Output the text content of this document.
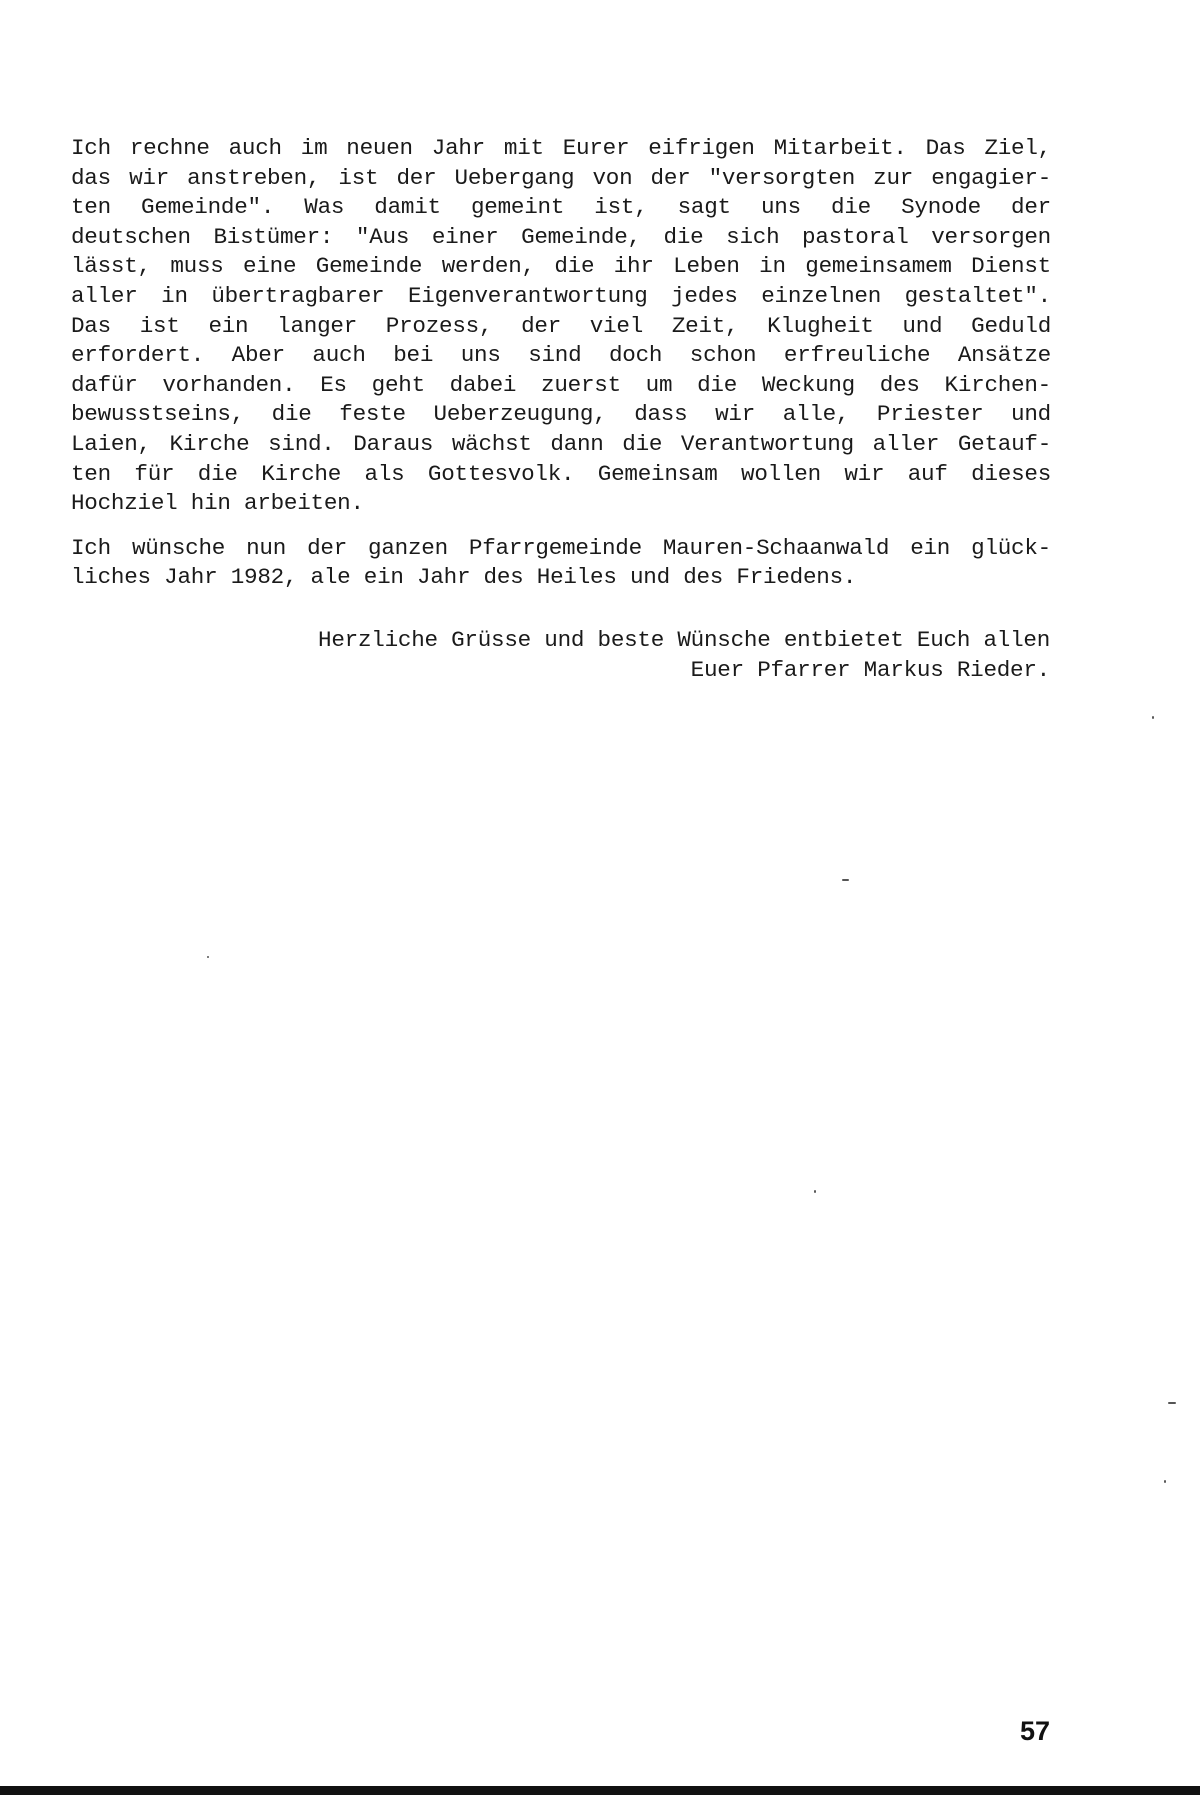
Ich rechne auch im neuen Jahr mit Eurer eifrigen Mitarbeit. Das Ziel,
das wir anstreben, ist der Uebergang von der "versorgten zur engagier-
ten Gemeinde". Was damit gemeint ist, sagt uns die Synode der
deutschen Bistümer: "Aus einer Gemeinde, die sich pastoral versorgen
lässt, muss eine Gemeinde werden, die ihr Leben in gemeinsamem Dienst
aller in übertragbarer Eigenverantwortung jedes einzelnen gestaltet".
Das ist ein langer Prozess, der viel Zeit, Klugheit und Geduld
erfordert. Aber auch bei uns sind doch schon erfreuliche Ansätze
dafür vorhanden. Es geht dabei zuerst um die Weckung des Kirchen-
bewusstseins, die feste Ueberzeugung, dass wir alle, Priester und
Laien, Kirche sind. Daraus wächst dann die Verantwortung aller Getauf-
ten für die Kirche als Gottesvolk. Gemeinsam wollen wir auf dieses
Hochziel hin arbeiten.
Ich wünsche nun der ganzen Pfarrgemeinde Mauren-Schaanwald ein glück-
liches Jahr 1982, ale ein Jahr des Heiles und des Friedens.
Herzliche Grüsse und beste Wünsche entbietet Euch allen
Euer Pfarrer Markus Rieder.
57
